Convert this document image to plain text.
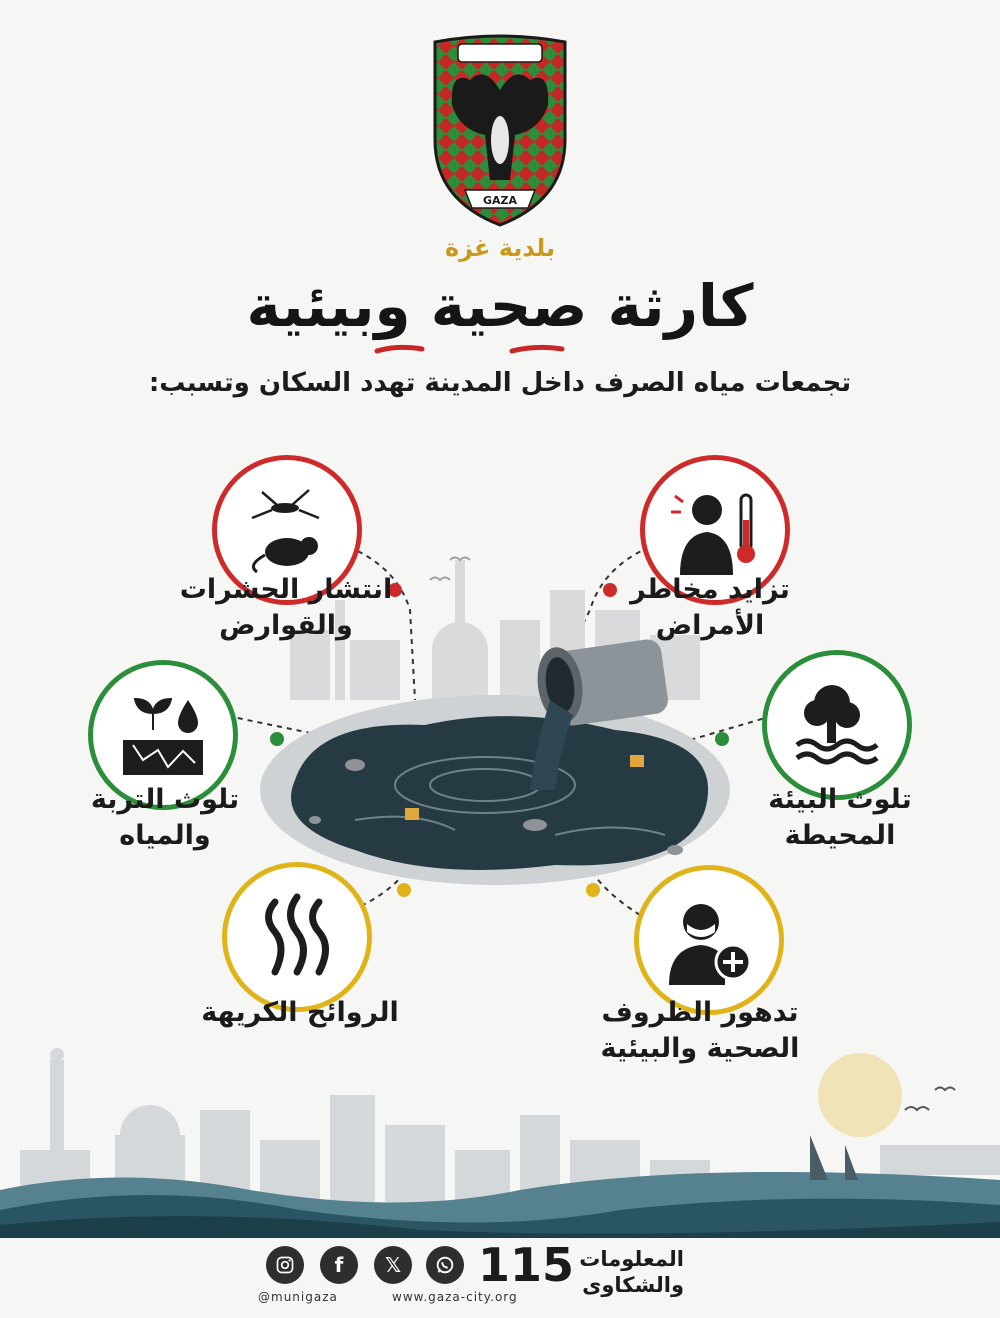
GAZA
بلدية غزة
كارثة صحية وبيئية
تجمعات مياه الصرف داخل المدينة تهدد السكان وتسبب:
انتشار الحشرات
والقوارض
تزايد مخاطر
الأمراض
تلوث التربة
والمياه
تلوث البيئة
المحيطة
الروائح الكريهة	تدهور الظروف
الصحية والبيئية
f	𝕏
@munigaza	www.gaza-city.org
115 المعلومات
والشكاوى
